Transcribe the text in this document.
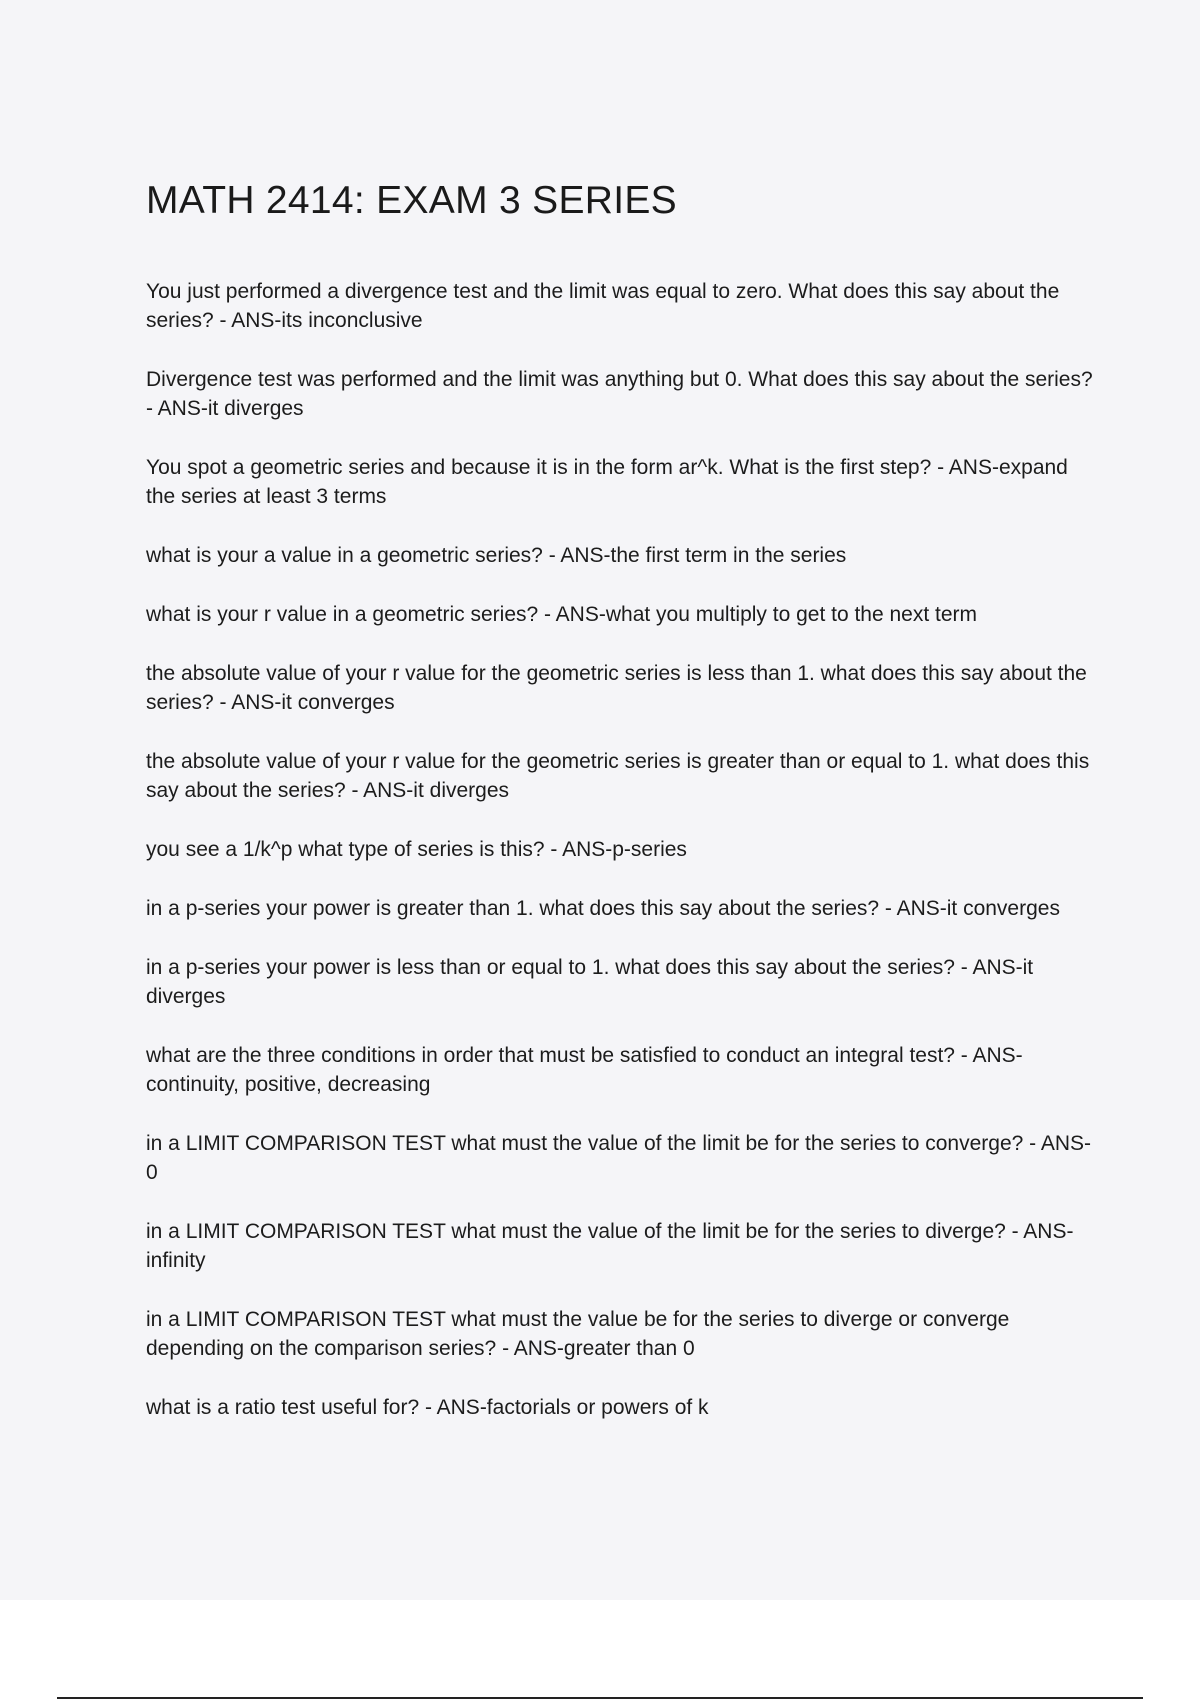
MATH 2414: EXAM 3 SERIES

You just performed a divergence test and the limit was equal to zero. What does this say about the series? - ANS-its inconclusive

Divergence test was performed and the limit was anything but 0. What does this say about the series? - ANS-it diverges

You spot a geometric series and because it is in the form ar^k. What is the first step? - ANS-expand the series at least 3 terms

what is your a value in a geometric series? - ANS-the first term in the series

what is your r value in a geometric series? - ANS-what you multiply to get to the next term

the absolute value of your r value for the geometric series is less than 1. what does this say about the series? - ANS-it converges

the absolute value of your r value for the geometric series is greater than or equal to 1. what does this say about the series? - ANS-it diverges

you see a 1/k^p what type of series is this? - ANS-p-series

in a p-series your power is greater than 1. what does this say about the series? - ANS-it converges

in a p-series your power is less than or equal to 1. what does this say about the series? - ANS-it diverges

what are the three conditions in order that must be satisfied to conduct an integral test? - ANS-continuity, positive, decreasing

in a LIMIT COMPARISON TEST what must the value of the limit be for the series to converge? - ANS-0

in a LIMIT COMPARISON TEST what must the value of the limit be for the series to diverge? - ANS-infinity

in a LIMIT COMPARISON TEST what must the value be for the series to diverge or converge depending on the comparison series? - ANS-greater than 0

what is a ratio test useful for? - ANS-factorials or powers of k
